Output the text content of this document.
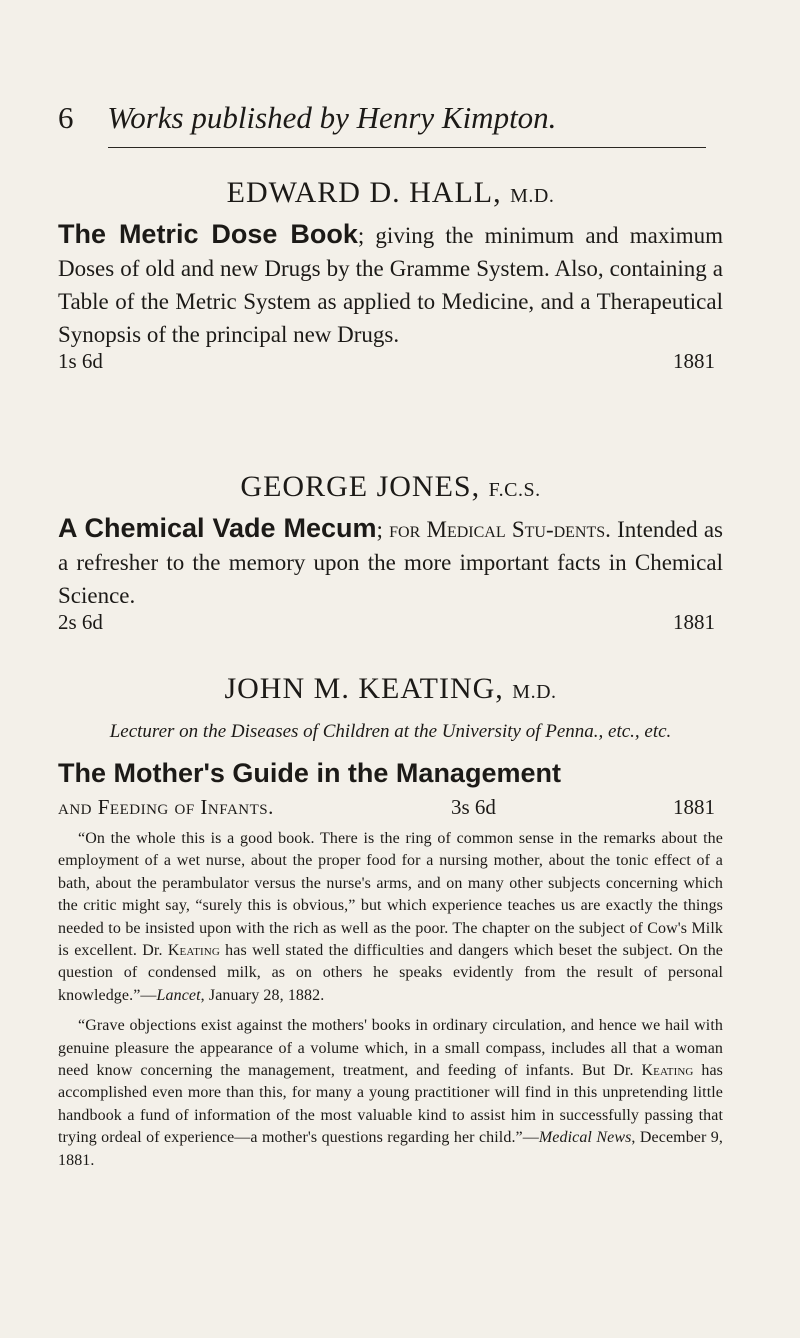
6 Works published by Henry Kimpton.

EDWARD D. HALL, M.D.

The Metric Dose Book; giving the minimum and maximum Doses of old and new Drugs by the Gramme System. Also, containing a Table of the Metric System as applied to Medicine, and a Therapeutical Synopsis of the principal new Drugs.

1s 6d	1881

GEORGE JONES, F.C.S.

A Chemical Vade Mecum; for Medical Stu-dents. Intended as a refresher to the memory upon the more important facts in Chemical Science.

2s 6d	1881

JOHN M. KEATING, M.D.

Lecturer on the Diseases of Children at the University of Penna., etc., etc.

The Mother's Guide in the Management

and Feeding of Infants.	3s 6d	1881

“On the whole this is a good book. There is the ring of common sense in the remarks about the employment of a wet nurse, about the proper food for a nursing mother, about the tonic effect of a bath, about the perambulator versus the nurse's arms, and on many other subjects concerning which the critic might say, “surely this is obvious,” but which experience teaches us are exactly the things needed to be insisted upon with the rich as well as the poor. The chapter on the subject of Cow's Milk is excellent. Dr. Keating has well stated the difficulties and dangers which beset the subject. On the question of condensed milk, as on others he speaks evidently from the result of personal knowledge.”—Lancet, January 28, 1882.

“Grave objections exist against the mothers' books in ordinary circulation, and hence we hail with genuine pleasure the appearance of a volume which, in a small compass, includes all that a woman need know concerning the management, treatment, and feeding of infants. But Dr. Keating has accomplished even more than this, for many a young practitioner will find in this unpretending little handbook a fund of information of the most valuable kind to assist him in successfully passing that trying ordeal of experience—a mother's questions regarding her child.”—Medical News, December 9, 1881.
